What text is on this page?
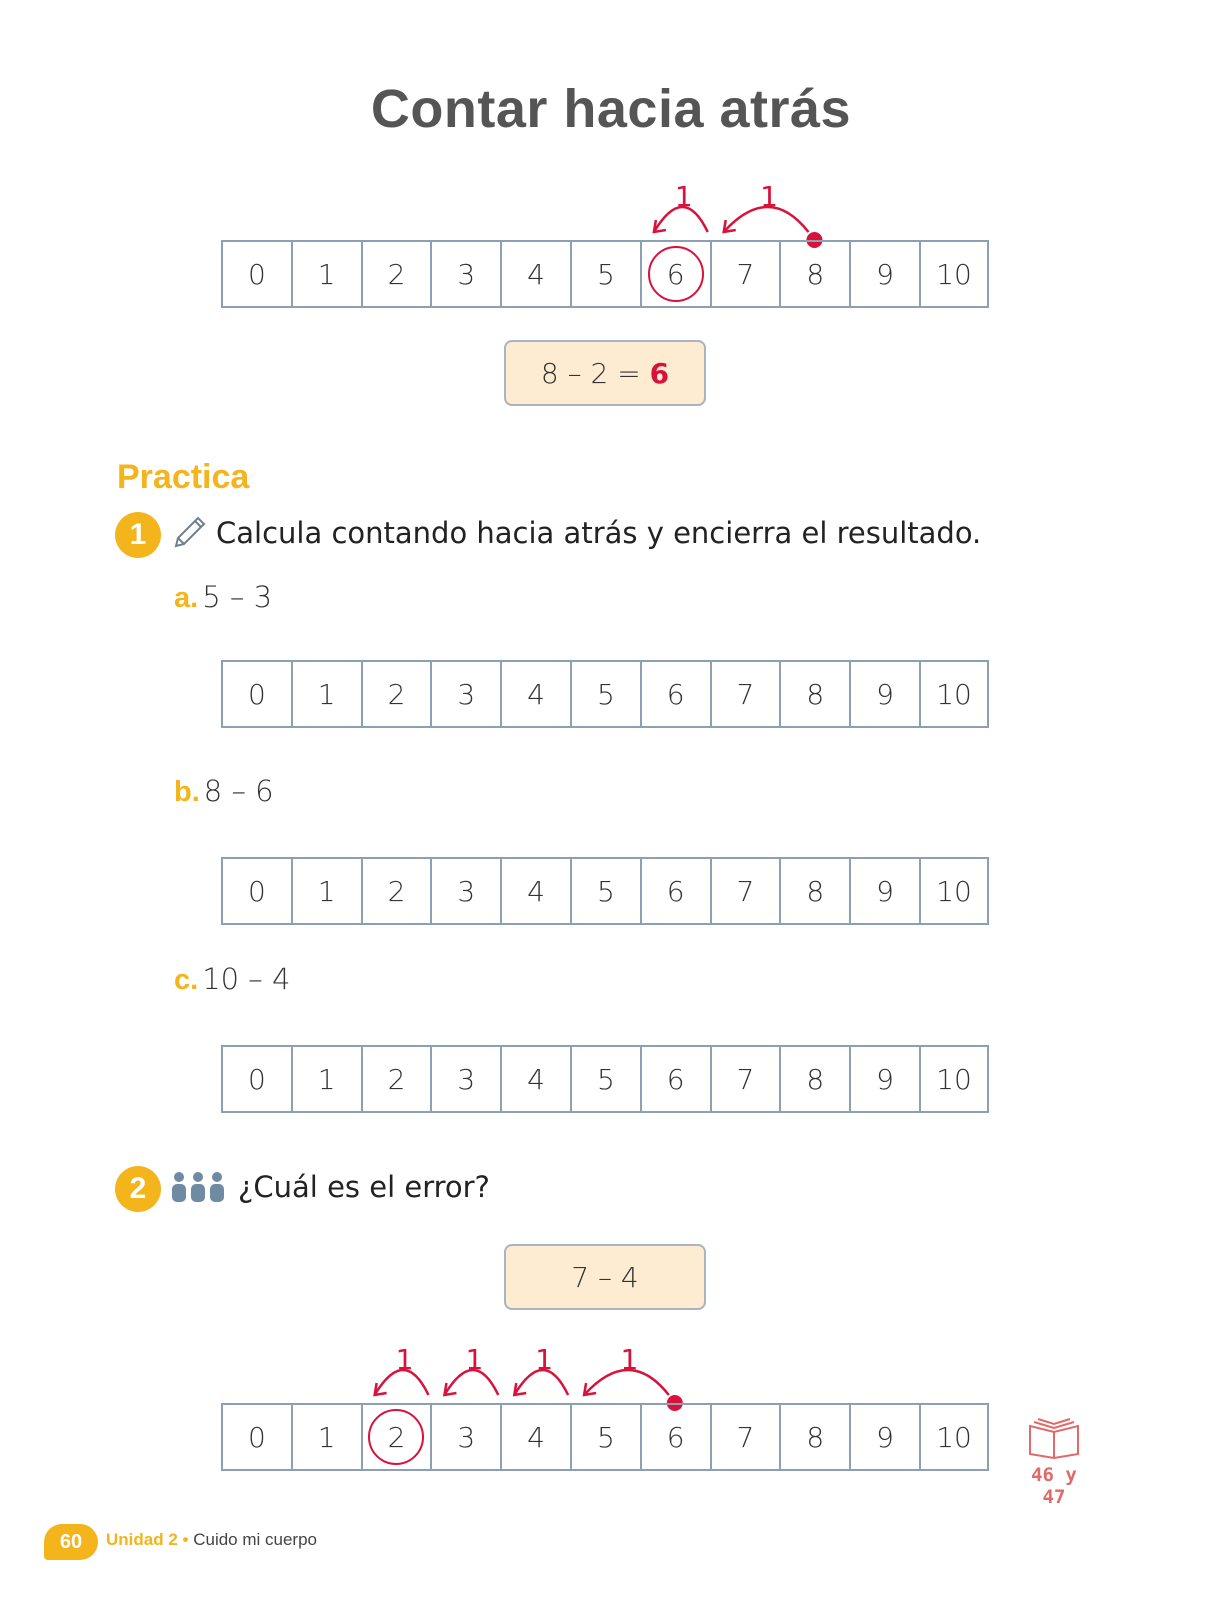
Contar hacia atrás
1
1
1
1
1
1
0	1	2	3	4	5	6	7	8	9	10
8 – 2 =
6
Practica
1	Calcula contando hacia atrás y encierra el resultado.
a. 5 – 3
0	1	2	3	4	5	6	7	8	9	10
b. 8 – 6
0	1	2	3	4	5	6	7	8	9	10
c. 10 – 4
0	1	2	3	4	5	6	7	8	9	10
2	¿Cuál es el error?
7 – 4
0	1	2	3	4	5	6	7	8	9	10
46 y 47
60	Unidad 2 • Cuido mi cuerpo
